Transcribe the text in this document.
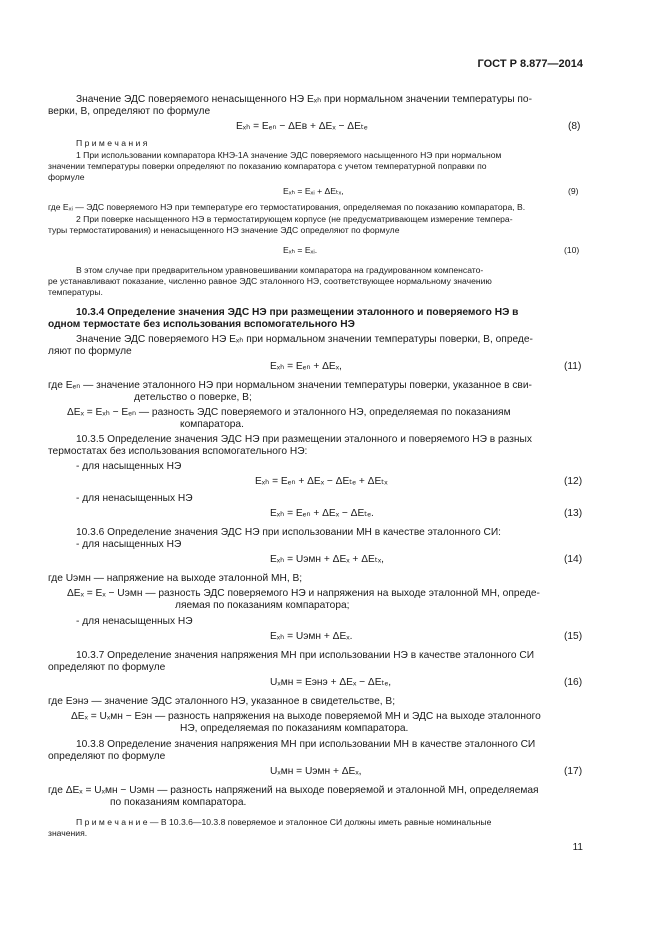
ГОСТ Р 8.877—2014
Значение ЭДС поверяемого ненасыщенного НЭ Eₓₕ при нормальном значении температуры по-
верки, В, определяют по формуле
Eₓₕ = Eₑₙ − ΔEв + ΔEₓ − ΔEₜₑ	(8)
П р и м е ч а н и я
1 При использовании компаратора КНЭ-1А значение ЭДС поверяемого насыщенного НЭ при нормальном
значении температуры поверки определяют по показанию компаратора с учетом температурной поправки по
формуле
Eₓₕ = Eₓᵢ + ΔEₜₓ,	(9)
где Eₓᵢ — ЭДС поверяемого НЭ при температуре его термостатирования, определяемая по показанию компаратора, В.
2 При поверке насыщенного НЭ в термостатирующем корпусе (не предусматривающем измерение темпера-
туры термостатирования) и ненасыщенного НЭ значение ЭДС определяют по формуле
Eₓₕ = Eₓᵢ.	(10)
В этом случае при предварительном уравновешивании компаратора на градуированном компенсато-
ре устанавливают показание, численно равное ЭДС эталонного НЭ, соответствующее нормальному значению
температуры.
10.3.4 Определение значения ЭДС НЭ при размещении эталонного и поверяемого НЭ в
одном термостате без использования вспомогательного НЭ
Значение ЭДС поверяемого НЭ Eₓₕ при нормальном значении температуры поверки, В, опреде-
ляют по формуле
Eₓₕ = Eₑₙ + ΔEₓ,	(11)
где Eₑₙ — значение эталонного НЭ при нормальном значении температуры поверки, указанное в сви-
детельство о поверке, В;
ΔEₓ = Eₓₕ − Eₑₙ — разность ЭДС поверяемого и эталонного НЭ, определяемая по показаниям
компаратора.
10.3.5 Определение значения ЭДС НЭ при размещении эталонного и поверяемого НЭ в разных
термостатах без использования вспомогательного НЭ:
- для насыщенных НЭ
Eₓₕ = Eₑₙ + ΔEₓ − ΔEₜₑ + ΔEₜₓ	(12)
- для ненасыщенных НЭ
Eₓₕ = Eₑₙ + ΔEₓ − ΔEₜₑ.	(13)
10.3.6 Определение значения ЭДС НЭ при использовании МН в качестве эталонного СИ:
- для насыщенных НЭ
Eₓₕ = Uэмн + ΔEₓ + ΔEₜₓ,	(14)
где Uэмн — напряжение на выходе эталонной МН, В;
ΔEₓ = Eₓ − Uэмн — разность ЭДС поверяемого НЭ и напряжения на выходе эталонной МН, опреде-
ляемая по показаниям компаратора;
- для ненасыщенных НЭ
Eₓₕ = Uэмн + ΔEₓ.	(15)
10.3.7 Определение значения напряжения МН при использовании НЭ в качестве эталонного СИ
определяют по формуле
Uₓмн = Eэнэ + ΔEₓ − ΔEₜₑ,	(16)
где Eэнэ — значение ЭДС эталонного НЭ, указанное в свидетельстве, В;
ΔEₓ = Uₓмн − Eэн — разность напряжения на выходе поверяемой МН и ЭДС на выходе эталонного
НЭ, определяемая по показаниям компаратора.
10.3.8 Определение значения напряжения МН при использовании МН в качестве эталонного СИ
определяют по формуле
Uₓмн = Uэмн + ΔEₓ,	(17)
где ΔEₓ = Uₓмн − Uэмн — разность напряжений на выходе поверяемой и эталонной МН, определяемая
по показаниям компаратора.
П р и м е ч а н и е — В 10.3.6—10.3.8 поверяемое и эталонное СИ должны иметь равные номинальные
значения.
11
